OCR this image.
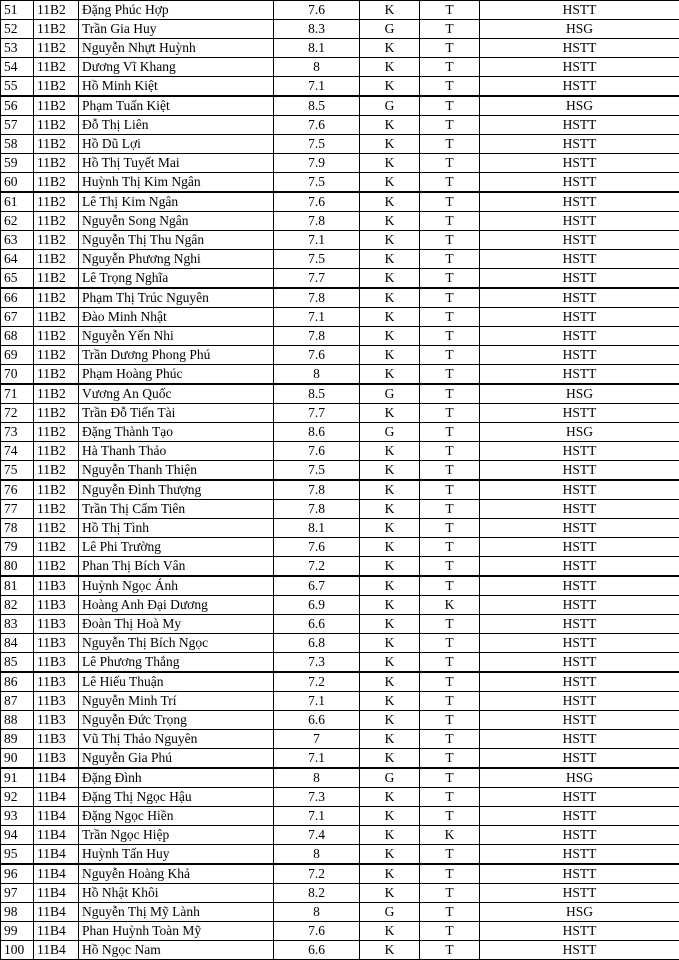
51	11B2	Đặng Phúc Hợp	7.6	K	T	HSTT
52	11B2	Trần Gia Huy	8.3	G	T	HSG
53	11B2	Nguyễn Nhựt Huỳnh	8.1	K	T	HSTT
54	11B2	Dương Vĩ Khang	8	K	T	HSTT
55	11B2	Hồ Minh Kiệt	7.1	K	T	HSTT
56	11B2	Phạm Tuấn Kiệt	8.5	G	T	HSG
57	11B2	Đỗ Thị Liên	7.6	K	T	HSTT
58	11B2	Hồ Dũ Lợi	7.5	K	T	HSTT
59	11B2	Hồ Thị Tuyết Mai	7.9	K	T	HSTT
60	11B2	Huỳnh Thị Kim Ngân	7.5	K	T	HSTT
61	11B2	Lê Thị Kim Ngân	7.6	K	T	HSTT
62	11B2	Nguyễn Song Ngân	7.8	K	T	HSTT
63	11B2	Nguyễn Thị Thu Ngân	7.1	K	T	HSTT
64	11B2	Nguyễn Phương Nghi	7.5	K	T	HSTT
65	11B2	Lê Trọng Nghĩa	7.7	K	T	HSTT
66	11B2	Phạm Thị Trúc Nguyên	7.8	K	T	HSTT
67	11B2	Đào Minh Nhật	7.1	K	T	HSTT
68	11B2	Nguyễn Yến Nhi	7.8	K	T	HSTT
69	11B2	Trần Dương Phong Phú	7.6	K	T	HSTT
70	11B2	Phạm Hoàng Phúc	8	K	T	HSTT
71	11B2	Vương An Quốc	8.5	G	T	HSG
72	11B2	Trần Đỗ Tiến Tài	7.7	K	T	HSTT
73	11B2	Đặng Thành Tạo	8.6	G	T	HSG
74	11B2	Hà Thanh Thảo	7.6	K	T	HSTT
75	11B2	Nguyễn Thanh Thiện	7.5	K	T	HSTT
76	11B2	Nguyễn Đình Thượng	7.8	K	T	HSTT
77	11B2	Trần Thị Cẩm Tiên	7.8	K	T	HSTT
78	11B2	Hồ Thị Tình	8.1	K	T	HSTT
79	11B2	Lê Phi Trường	7.6	K	T	HSTT
80	11B2	Phan Thị Bích Vân	7.2	K	T	HSTT
81	11B3	Huỳnh Ngọc Ánh	6.7	K	T	HSTT
82	11B3	Hoàng Anh Đại Dương	6.9	K	K	HSTT
83	11B3	Đoàn Thị Hoà My	6.6	K	T	HSTT
84	11B3	Nguyễn Thị Bích Ngọc	6.8	K	T	HSTT
85	11B3	Lê Phương Thắng	7.3	K	T	HSTT
86	11B3	Lê Hiếu Thuận	7.2	K	T	HSTT
87	11B3	Nguyễn Minh Trí	7.1	K	T	HSTT
88	11B3	Nguyễn Đức Trọng	6.6	K	T	HSTT
89	11B3	Vũ Thị Thảo Nguyên	7	K	T	HSTT
90	11B3	Nguyễn Gia Phú	7.1	K	T	HSTT
91	11B4	Đặng Đình	8	G	T	HSG
92	11B4	Đặng Thị Ngọc Hậu	7.3	K	T	HSTT
93	11B4	Đặng Ngọc Hiền	7.1	K	T	HSTT
94	11B4	Trần Ngọc Hiệp	7.4	K	K	HSTT
95	11B4	Huỳnh Tấn Huy	8	K	T	HSTT
96	11B4	Nguyễn Hoàng Khả	7.2	K	T	HSTT
97	11B4	Hồ Nhật Khôi	8.2	K	T	HSTT
98	11B4	Nguyễn Thị Mỹ Lành	8	G	T	HSG
99	11B4	Phan Huỳnh Toàn Mỹ	7.6	K	T	HSTT
100	11B4	Hồ Ngọc Nam	6.6	K	T	HSTT
